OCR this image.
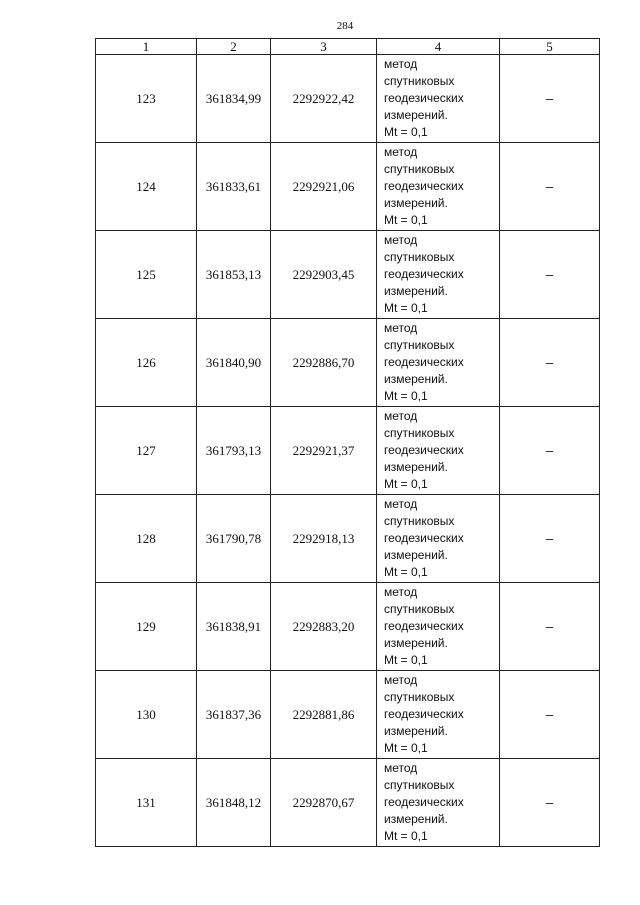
284
1	2	3	4	5
123	361834,99	2292922,42	метод
спутниковых
геодезических
измерений.
Mt = 0,1	–
124	361833,61	2292921,06	метод
спутниковых
геодезических
измерений.
Mt = 0,1	–
125	361853,13	2292903,45	метод
спутниковых
геодезических
измерений.
Mt = 0,1	–
126	361840,90	2292886,70	метод
спутниковых
геодезических
измерений.
Mt = 0,1	–
127	361793,13	2292921,37	метод
спутниковых
геодезических
измерений.
Mt = 0,1	–
128	361790,78	2292918,13	метод
спутниковых
геодезических
измерений.
Mt = 0,1	–
129	361838,91	2292883,20	метод
спутниковых
геодезических
измерений.
Mt = 0,1	–
130	361837,36	2292881,86	метод
спутниковых
геодезических
измерений.
Mt = 0,1	–
131	361848,12	2292870,67	метод
спутниковых
геодезических
измерений.
Mt = 0,1	–
